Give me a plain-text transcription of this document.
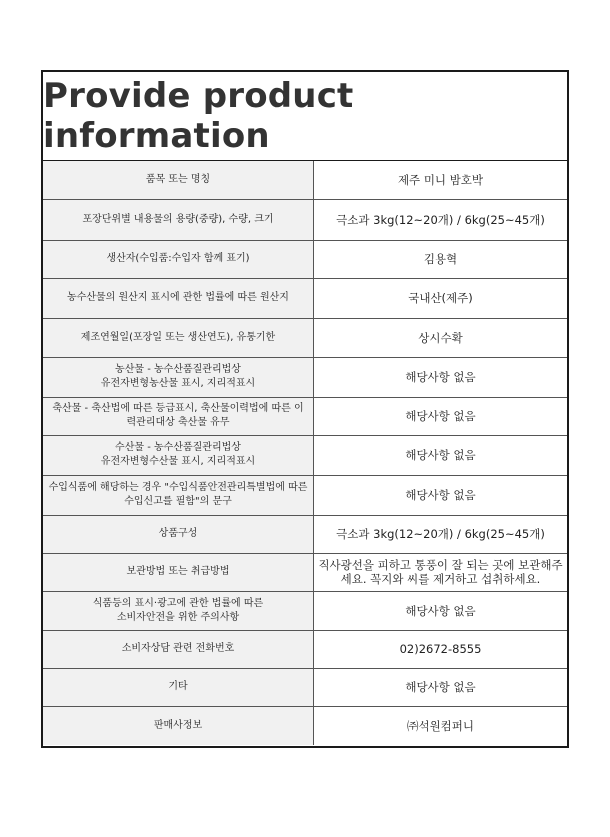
Provide product information
품목 또는 명칭	제주 미니 밤호박
포장단위별 내용물의 용량(중량), 수량, 크기	극소과 3kg(12~20개) / 6kg(25~45개)
생산자(수입품:수입자 함께 표기)	김용혁
농수산물의 원산지 표시에 관한 법률에 따른 원산지	국내산(제주)
제조연월일(포장일 또는 생산연도), 유통기한	상시수확
농산물 - 농수산품질관리법상
유전자변형농산물 표시, 지리적표시	해당사항 없음
축산물 - 축산법에 따른 등급표시, 축산물이력법에 따른 이
력관리대상 축산물 유무	해당사항 없음
수산물 - 농수산품질관리법상
유전자변형수산물 표시, 지리적표시	해당사항 없음
수입식품에 해당하는 경우 "수입식품안전관리특별법에 따른
수입신고를 필함"의 문구	해당사항 없음
상품구성	극소과 3kg(12~20개) / 6kg(25~45개)
보관방법 또는 취급방법	직사광선을 피하고 통풍이 잘 되는 곳에 보관해주
세요. 꼭지와 씨를 제거하고 섭취하세요.
식품등의 표시·광고에 관한 법률에 따른
소비자안전을 위한 주의사항	해당사항 없음
소비자상담 관련 전화번호	02)2672-8555
기타	해당사항 없음
판매사정보	㈜석원컴퍼니
